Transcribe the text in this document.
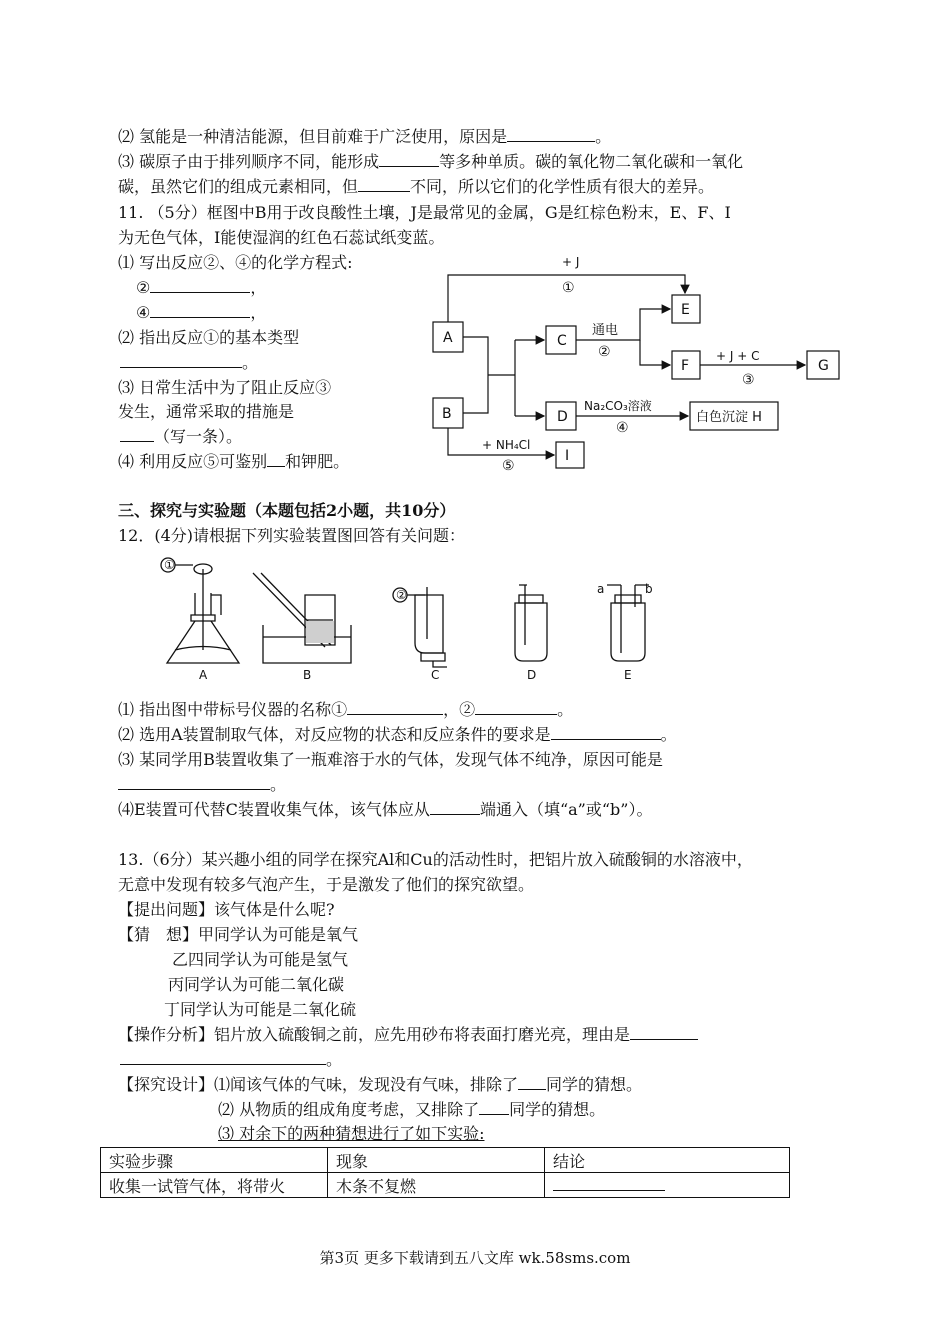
⑵ 氢能是一种清洁能源，但目前难于广泛使用，原因是	。
⑶ 碳原子由于排列顺序不同，能形成	等多种单质。碳的氧化物二氧化碳和一氧化
碳，虽然它们的组成元素相同，但	不同，所以它们的化学性质有很大的差异。
11. （5分）框图中B用于改良酸性土壤，J是最常见的金属，G是红棕色粉末，E、F、I
为无色气体，I能使湿润的红色石蕊试纸变蓝。
⑴ 写出反应②、④的化学方程式:
②	，
④	，
⑵ 指出反应①的基本类型
。
⑶ 日常生活中为了阻止反应③
发生，通常采取的措施是
（写一条）。
⑷ 利用反应⑤可鉴别 和钾肥。
A
B
C
E
F	G
D	白色沉淀 H
I
+ J
①
通电
②	+ J + C
③
Na₂CO₃溶液
④
+ NH₄Cl
⑤
三、探究与实验题（本题包括2小题，共10分）
12．(4分)请根据下列实验装置图回答有关问题：
①
②	a	b
A	B	C	D	E
⑴ 指出图中带标号仪器的名称①	，②	。
⑵ 选用A装置制取气体，对反应物的状态和反应条件的要求是	。
⑶ 某同学用B装置收集了一瓶难溶于水的气体，发现气体不纯净，原因可能是
。
⑷E装置可代替C装置收集气体，该气体应从	端通入（填“a”或“b”）。
13.（6分）某兴趣小组的同学在探究Al和Cu的活动性时，把铝片放入硫酸铜的水溶液中，
无意中发现有较多气泡产生，于是激发了他们的探究欲望。
【提出问题】该气体是什么呢?
【猜　想】甲同学认为可能是氧气
乙四同学认为可能是氢气
丙同学认为可能二氧化碳
丁同学认为可能是二氧化硫
【操作分析】铝片放入硫酸铜之前，应先用砂布将表面打磨光亮，理由是
。
【探究设计】⑴闻该气体的气味，发现没有气味，排除了 同学的猜想。
⑵ 从物质的组成角度考虑，又排除了 同学的猜想。
⑶ 对余下的两种猜想进行了如下实验:
实验步骤	现象	结论
收集一试管气体，将带火	木条不复燃	
第3页 更多下载请到五八文库 wk.58sms.com
